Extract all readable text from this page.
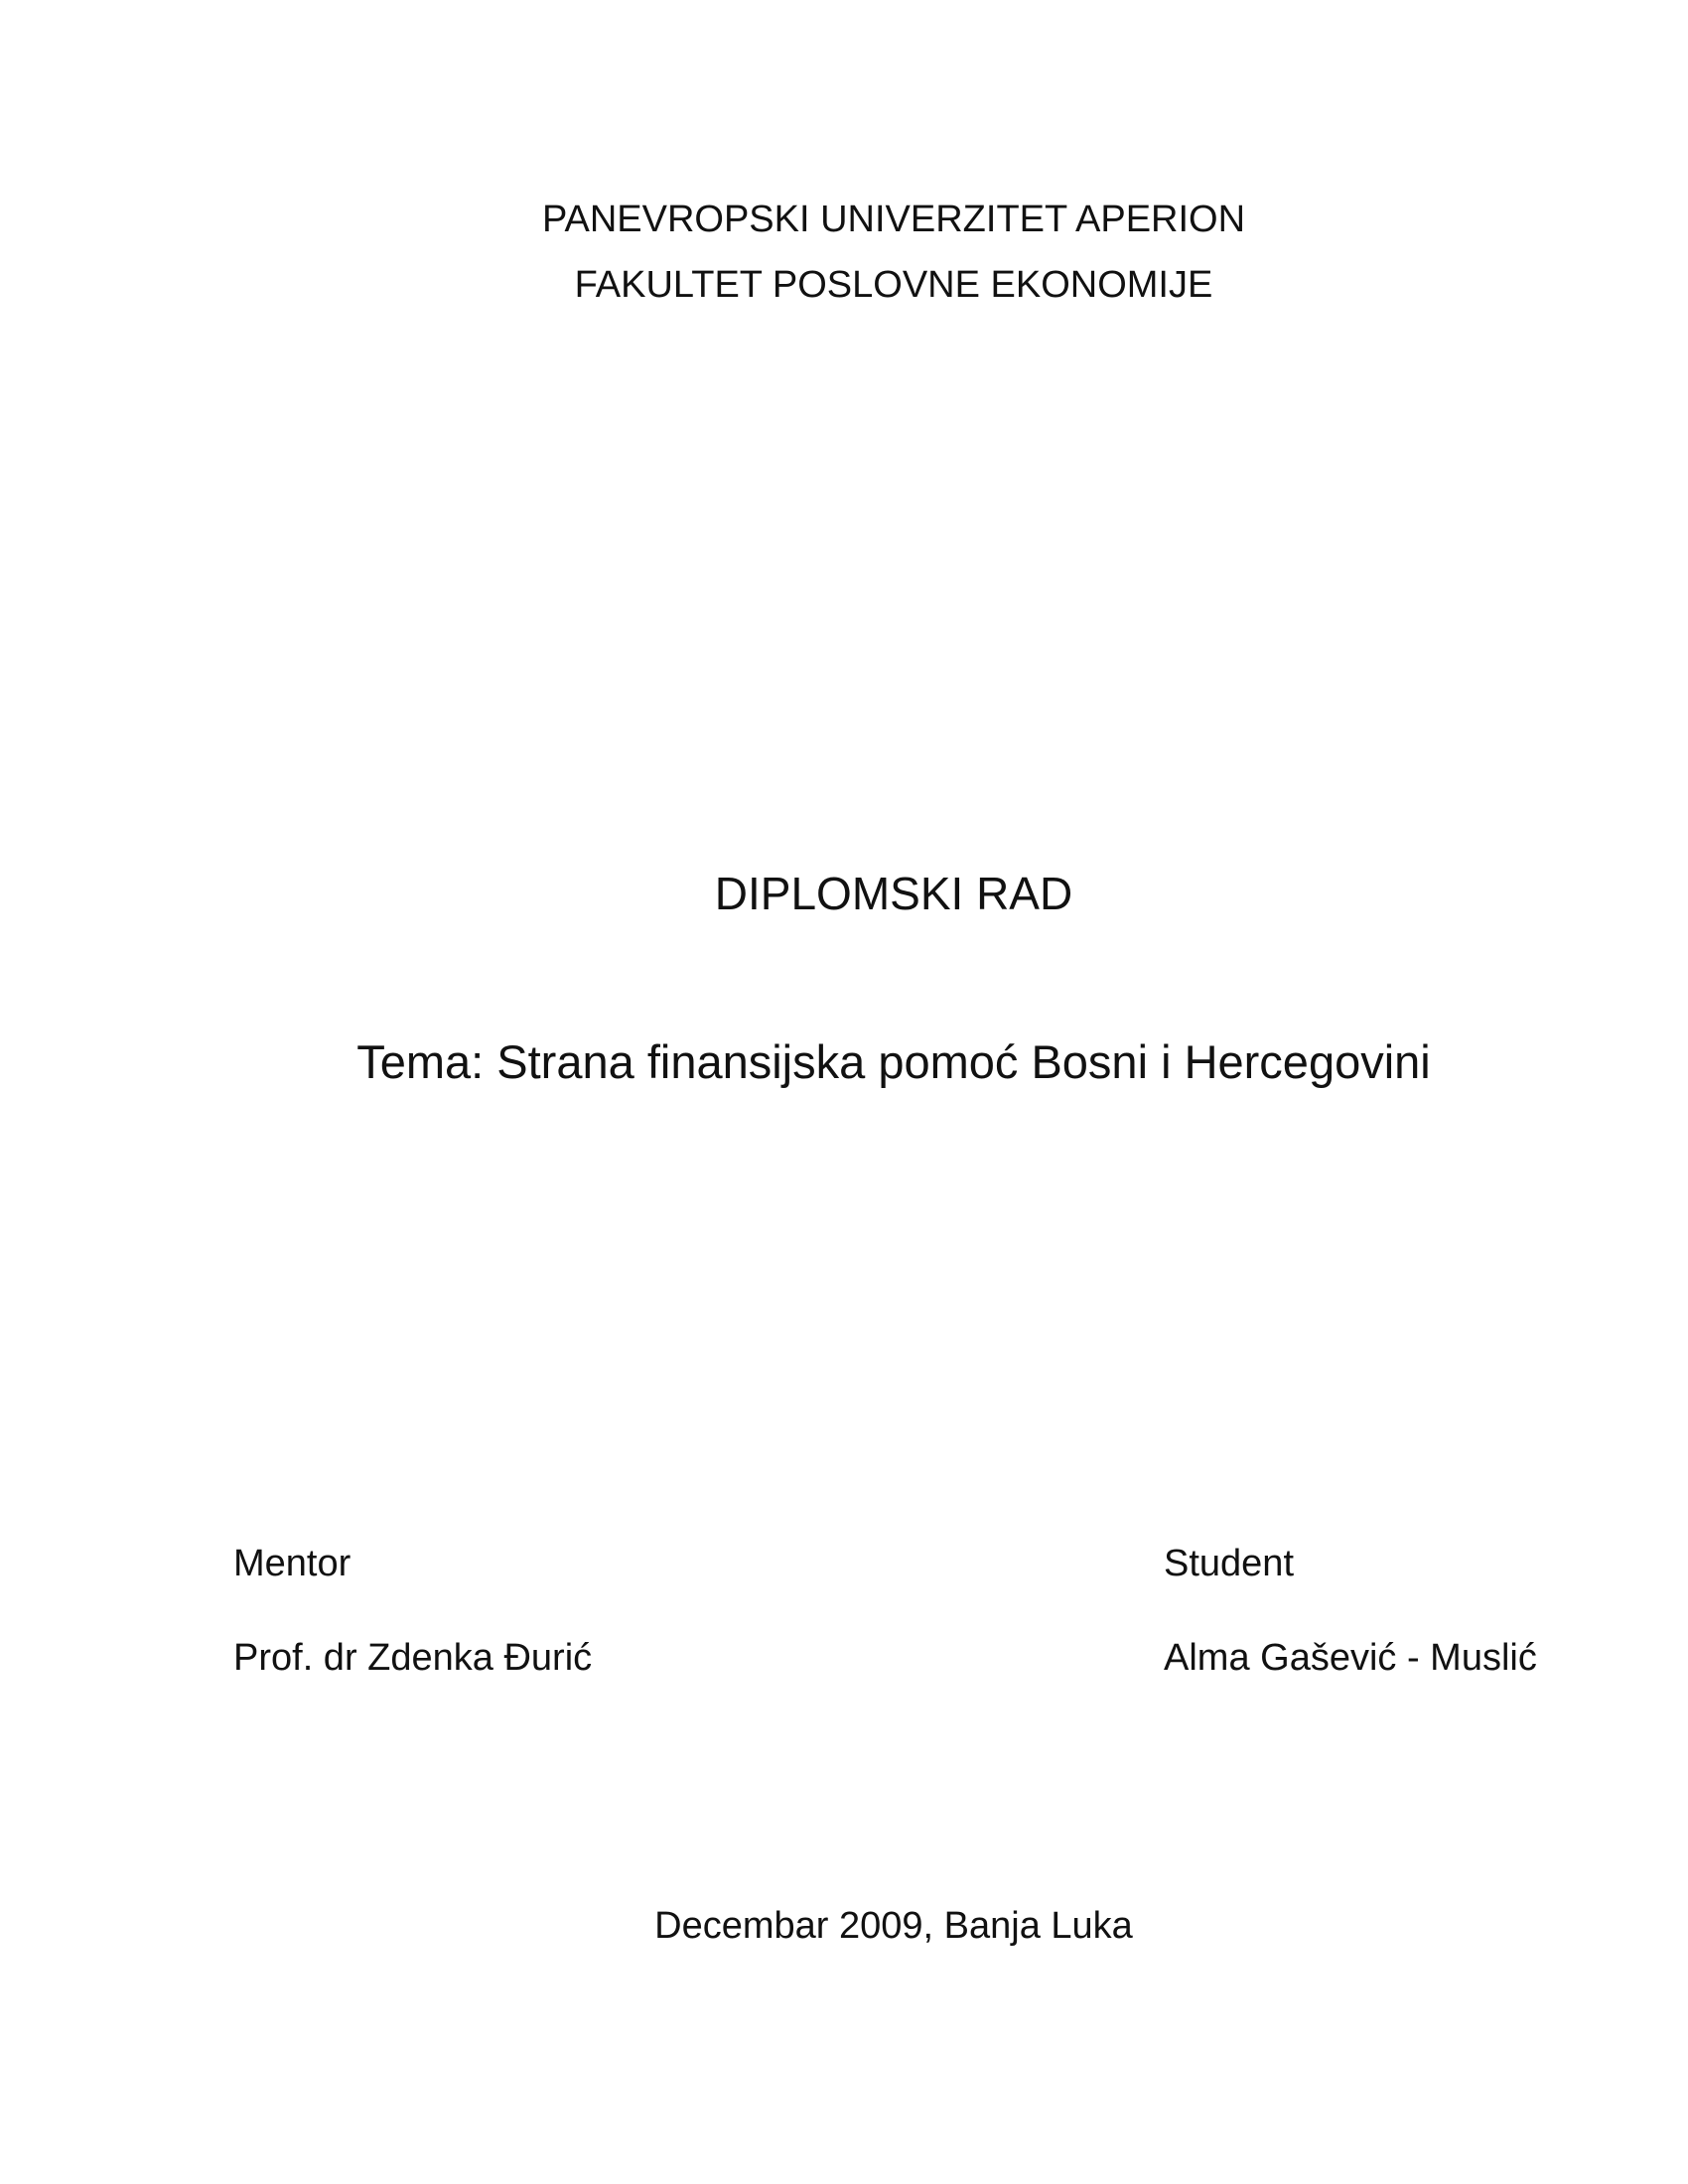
PANEVROPSKI UNIVERZITET APERION
FAKULTET POSLOVNE EKONOMIJE
DIPLOMSKI RAD
Tema: Strana finansijska pomoć Bosni i Hercegovini
Mentor	Student
Prof. dr Zdenka Đurić	Alma Gašević - Muslić
Decembar 2009, Banja Luka
